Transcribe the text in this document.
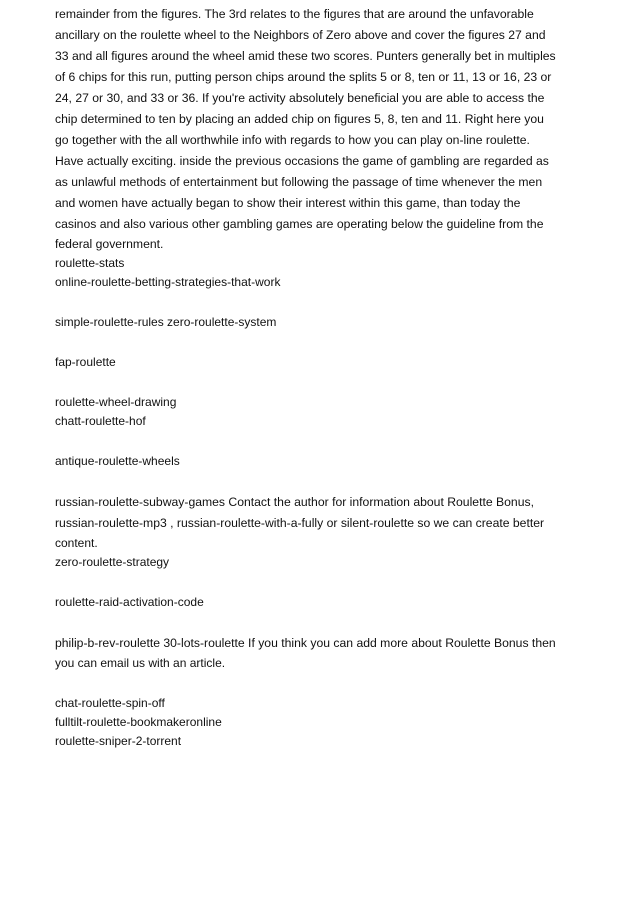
remainder from the figures. The 3rd relates to the figures that are around the unfavorable
ancillary on the roulette wheel to the Neighbors of Zero above and cover the figures 27 and
33 and all figures around the wheel amid these two scores. Punters generally bet in multiples
of 6 chips for this run, putting person chips around the splits 5 or 8, ten or 11, 13 or 16, 23 or
24, 27 or 30, and 33 or 36. If you're activity absolutely beneficial you are able to access the
chip determined to ten by placing an added chip on figures 5, 8, ten and 11. Right here you
go together with the all worthwhile info with regards to how you can play on-line roulette.
Have actually exciting. inside the previous occasions the game of gambling are regarded as
as unlawful methods of entertainment but following the passage of time whenever the men
and women have actually began to show their interest within this game, than today the
casinos and also various other gambling games are operating below the guideline from the
federal government.
roulette-stats
online-roulette-betting-strategies-that-work
simple-roulette-rules zero-roulette-system
fap-roulette
roulette-wheel-drawing
chatt-roulette-hof
antique-roulette-wheels
russian-roulette-subway-games Contact the author for information about Roulette Bonus,
russian-roulette-mp3 , russian-roulette-with-a-fully or silent-roulette so we can create better
content.
zero-roulette-strategy
roulette-raid-activation-code
philip-b-rev-roulette 30-lots-roulette If you think you can add more about Roulette Bonus then
you can email us with an article.
chat-roulette-spin-off
fulltilt-roulette-bookmakeronline
roulette-sniper-2-torrent
